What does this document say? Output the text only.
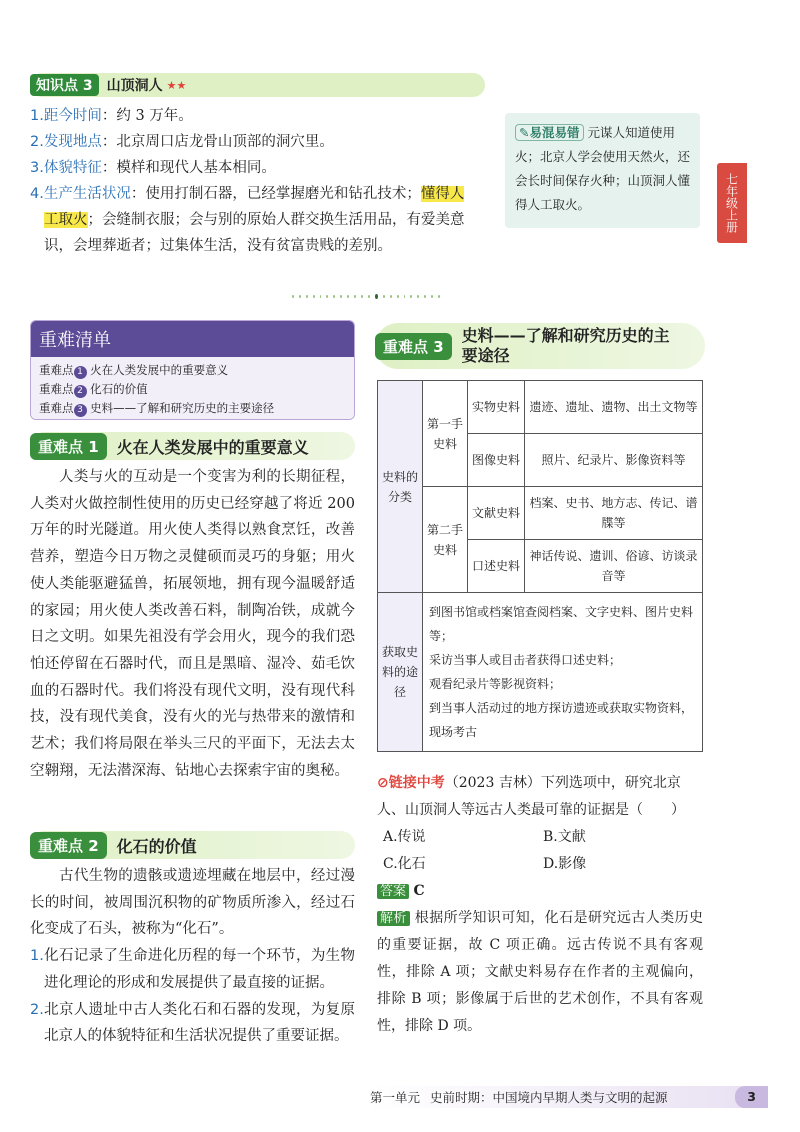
知识点 3	山顶洞人 ★★
1.距今时间：约 3 万年。
2.发现地点：北京周口店龙骨山顶部的洞穴里。
3.体貌特征：模样和现代人基本相同。
4.生产生活状况：使用打制石器，已经掌握磨光和钻孔技术；懂得人
工取火；会缝制衣服；会与别的原始人群交换生活用品，有爱美意
识，会埋葬逝者；过集体生活，没有贫富贵贱的差别。
✎易混易错 元谋人知道使用火；北京人学会使用天然火，还会长时间保存火种；山顶洞人懂得人工取火。	七年级上册
重难清单
重难点 1 火在人类发展中的重要意义
重难点 2 化石的价值
重难点 3 史料——了解和研究历史的主要途径
重难点 1	火在人类发展中的重要意义
人类与火的互动是一个变害为利的长期征程，人类对火做控制性使用的历史已经穿越了将近 200 万年的时光隧道。用火使人类得以熟食烹饪，改善营养，塑造今日万物之灵健硕而灵巧的身躯；用火使人类能驱避猛兽，拓展领地，拥有现今温暖舒适的家园；用火使人类改善石料，制陶冶铁，成就今日之文明。如果先祖没有学会用火，现今的我们恐怕还停留在石器时代，而且是黑暗、湿冷、茹毛饮血的石器时代。我们将没有现代文明，没有现代科技，没有现代美食，没有火的光与热带来的激情和艺术；我们将局限在举头三尺的平面下，无法去太空翱翔，无法潜深海、钻地心去探索宇宙的奥秘。
重难点 2	化石的价值
古代生物的遗骸或遗迹埋藏在地层中，经过漫长的时间，被周围沉积物的矿物质所渗入，经过石化变成了石头，被称为“化石”。
1.化石记录了生命进化历程的每一个环节，为生物进化理论的形成和发展提供了最直接的证据。
2.北京人遗址中古人类化石和石器的发现，为复原北京人的体貌特征和生活状况提供了重要证据。
重难点 3
史料——了解和研究历史的主
要途径
史料的分类	第一手史料	实物史料	遗迹、遗址、遗物、出土文物等
		图像史料	照片、纪录片、影像资料等
	第二手史料	文献史料	档案、史书、地方志、传记、谱牒等
		口述史料	神话传说、遗训、俗谚、访谈录音等
获取史料的途径	到图书馆或档案馆查阅档案、文字史料、图片史料等；
采访当事人或目击者获得口述史料；
观看纪录片等影视资料；
到当事人活动过的地方探访遗迹或获取实物资料，现场考古		
⊘链接中考（2023 吉林）下列选项中，研究北京人、山顶洞人等远古人类最可靠的证据是（　　）
A.传说	B.文献
C.化石	D.影像
答案 C
解析 根据所学知识可知，化石是研究远古人类历史的重要证据，故 C 项正确。远古传说不具有客观性，排除 A 项；文献史料易存在作者的主观偏向，排除 B 项；影像属于后世的艺术创作，不具有客观性，排除 D 项。
第一单元 史前时期：中国境内早期人类与文明的起源	3
